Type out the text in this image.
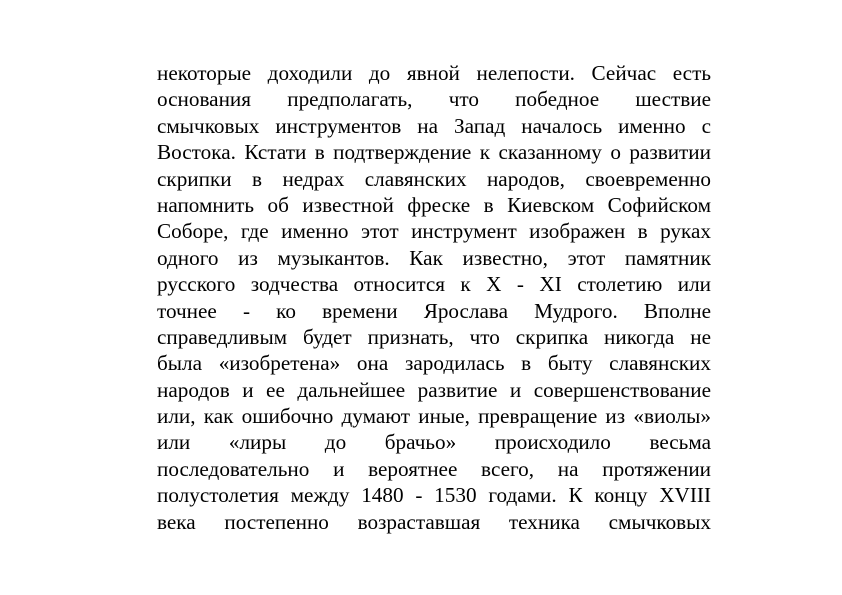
некоторые доходили до явной нелепости. Сейчас есть
основания предполагать, что победное шествие
смычковых инструментов на Запад началось именно с
Востока. Кстати в подтверждение к сказанному о развитии
скрипки в недрах славянских народов, своевременно
напомнить об известной фреске в Киевском Софийском
Соборе, где именно этот инструмент изображен в руках
одного из музыкантов. Как известно, этот памятник
русского зодчества относится к X - XI столетию или
точнее - ко времени Ярослава Мудрого. Вполне
справедливым будет признать, что скрипка никогда не
была «изобретена» она зародилась в быту славянских
народов и ее дальнейшее развитие и совершенствование
или, как ошибочно думают иные, превращение из «виолы»
или «лиры до брачьо» происходило весьма
последовательно и вероятнее всего, на протяжении
полустолетия между 1480 - 1530 годами. К концу XVIII
века постепенно возраставшая техника смычковых
